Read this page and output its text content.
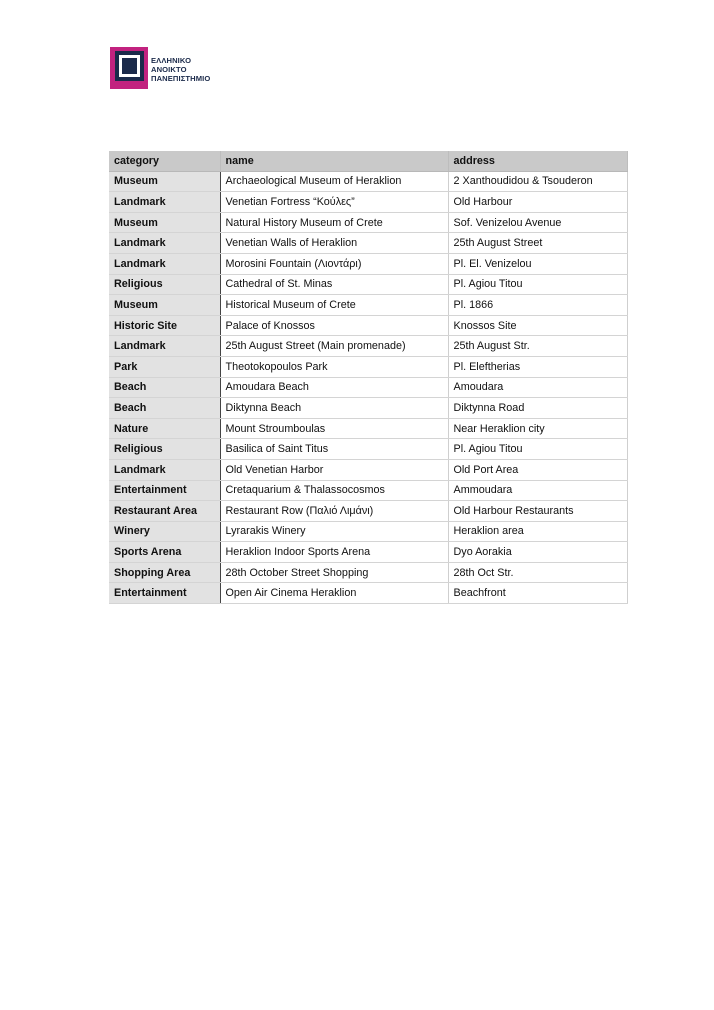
ΕΛΛΗΝΙΚΟ
ΑΝΟΙΚΤΟ
ΠΑΝΕΠΙΣΤΗΜΙΟ
category	name	address
Museum	Archaeological Museum of Heraklion	2 Xanthoudidou & Tsouderon
Landmark	Venetian Fortress “Κούλες”	Old Harbour
Museum	Natural History Museum of Crete	Sof. Venizelou Avenue
Landmark	Venetian Walls of Heraklion	25th August Street
Landmark	Morosini Fountain (Λιοντάρι)	Pl. El. Venizelou
Religious	Cathedral of St. Minas	Pl. Agiou Titou
Museum	Historical Museum of Crete	Pl. 1866
Historic Site	Palace of Knossos	Knossos Site
Landmark	25th August Street (Main promenade)	25th August Str.
Park	Theotokopoulos Park	Pl. Eleftherias
Beach	Amoudara Beach	Amoudara
Beach	Diktynna Beach	Diktynna Road
Nature	Mount Stroumboulas	Near Heraklion city
Religious	Basilica of Saint Titus	Pl. Agiou Titou
Landmark	Old Venetian Harbor	Old Port Area
Entertainment	Cretaquarium & Thalassocosmos	Ammoudara
Restaurant Area	Restaurant Row (Παλιό Λιμάνι)	Old Harbour Restaurants
Winery	Lyrarakis Winery	Heraklion area
Sports Arena	Heraklion Indoor Sports Arena	Dyo Aorakia
Shopping Area	28th October Street Shopping	28th Oct Str.
Entertainment	Open Air Cinema Heraklion	Beachfront
